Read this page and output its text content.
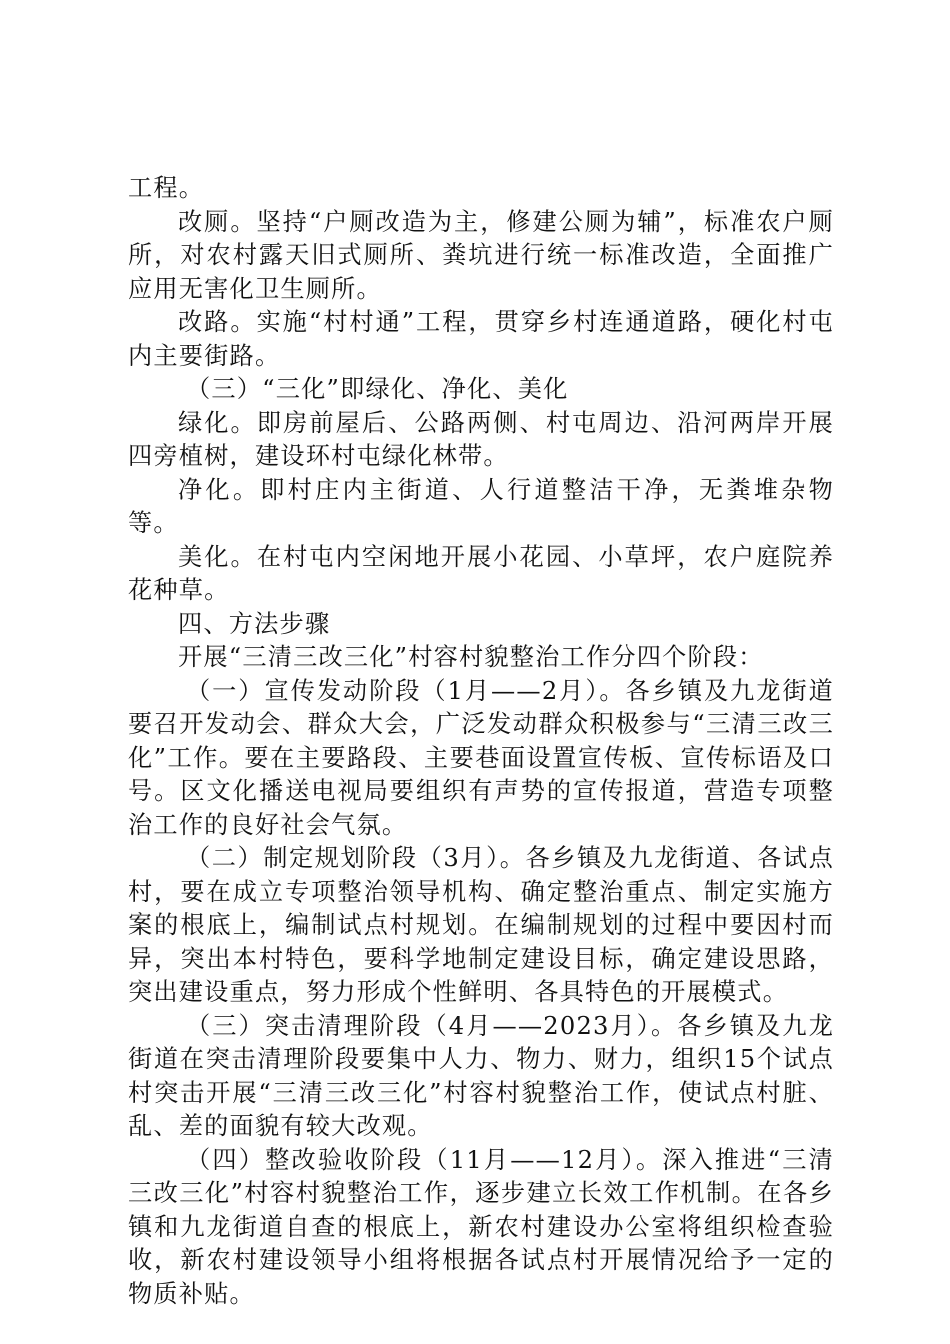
工程。

改厕。坚持“户厕改造为主，修建公厕为辅”，标准农户厕所，对农村露天旧式厕所、粪坑进行统一标准改造，全面推广应用无害化卫生厕所。

改路。实施“村村通”工程，贯穿乡村连通道路，硬化村屯内主要街路。

（三）“三化”即绿化、净化、美化

绿化。即房前屋后、公路两侧、村屯周边、沿河两岸开展四旁植树，建设环村屯绿化林带。

净化。即村庄内主街道、人行道整洁干净，无粪堆杂物等。

美化。在村屯内空闲地开展小花园、小草坪，农户庭院养花种草。

四、方法步骤

开展“三清三改三化”村容村貌整治工作分四个阶段：

（一）宣传发动阶段（1月——2月）。各乡镇及九龙街道要召开发动会、群众大会，广泛发动群众积极参与“三清三改三化”工作。要在主要路段、主要巷面设置宣传板、宣传标语及口号。区文化播送电视局要组织有声势的宣传报道，营造专项整治工作的良好社会气氛。

（二）制定规划阶段（3月）。各乡镇及九龙街道、各试点村，要在成立专项整治领导机构、确定整治重点、制定实施方案的根底上，编制试点村规划。在编制规划的过程中要因村而异，突出本村特色，要科学地制定建设目标，确定建设思路，突出建设重点，努力形成个性鲜明、各具特色的开展模式。

（三）突击清理阶段（4月——2023月）。各乡镇及九龙街道在突击清理阶段要集中人力、物力、财力，组织15个试点村突击开展“三清三改三化”村容村貌整治工作，使试点村脏、乱、差的面貌有较大改观。

（四）整改验收阶段（11月——12月）。深入推进“三清三改三化”村容村貌整治工作，逐步建立长效工作机制。在各乡镇和九龙街道自查的根底上，新农村建设办公室将组织检查验收，新农村建设领导小组将根据各试点村开展情况给予一定的物质补贴。
